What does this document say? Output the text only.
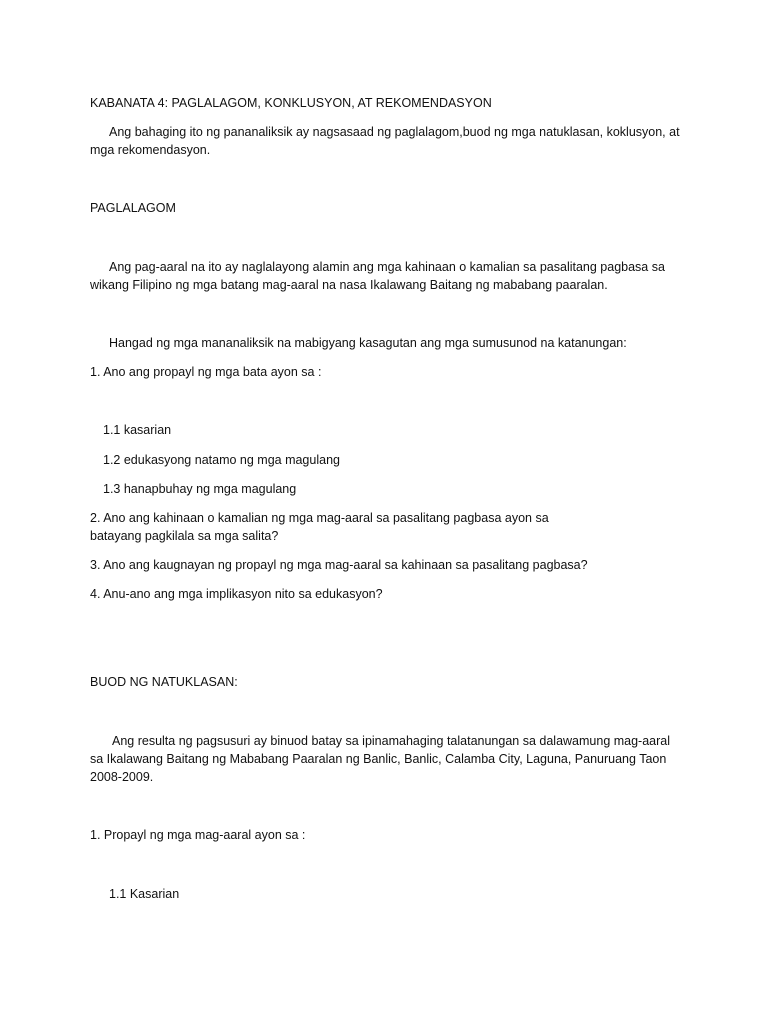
KABANATA 4: PAGLALAGOM, KONKLUSYON, AT REKOMENDASYON
Ang bahaging ito ng pananaliksik ay nagsasaad ng paglalagom,buod ng mga natuklasan, koklusyon, at
mga rekomendasyon.
PAGLALAGOM
Ang pag-aaral na ito ay naglalayong alamin ang mga kahinaan o kamalian sa pasalitang pagbasa sa
wikang Filipino ng mga batang mag-aaral na nasa Ikalawang Baitang ng mababang paaralan.
Hangad ng mga mananaliksik na mabigyang kasagutan ang mga sumusunod na katanungan:
1. Ano ang propayl ng mga bata ayon sa :
1.1 kasarian
1.2 edukasyong natamo ng mga magulang
1.3 hanapbuhay ng mga magulang
2. Ano ang kahinaan o kamalian ng mga mag-aaral sa pasalitang pagbasa ayon sa
batayang pagkilala sa mga salita?
3. Ano ang kaugnayan ng propayl ng mga mag-aaral sa kahinaan sa pasalitang pagbasa?
4. Anu-ano ang mga implikasyon nito sa edukasyon?
BUOD NG NATUKLASAN:
Ang resulta ng pagsusuri ay binuod batay sa ipinamahaging talatanungan sa dalawamung mag-aaral
sa Ikalawang Baitang ng Mababang Paaralan ng Banlic, Banlic, Calamba City, Laguna, Panuruang Taon
2008-2009.
1. Propayl ng mga mag-aaral ayon sa :
1.1 Kasarian
